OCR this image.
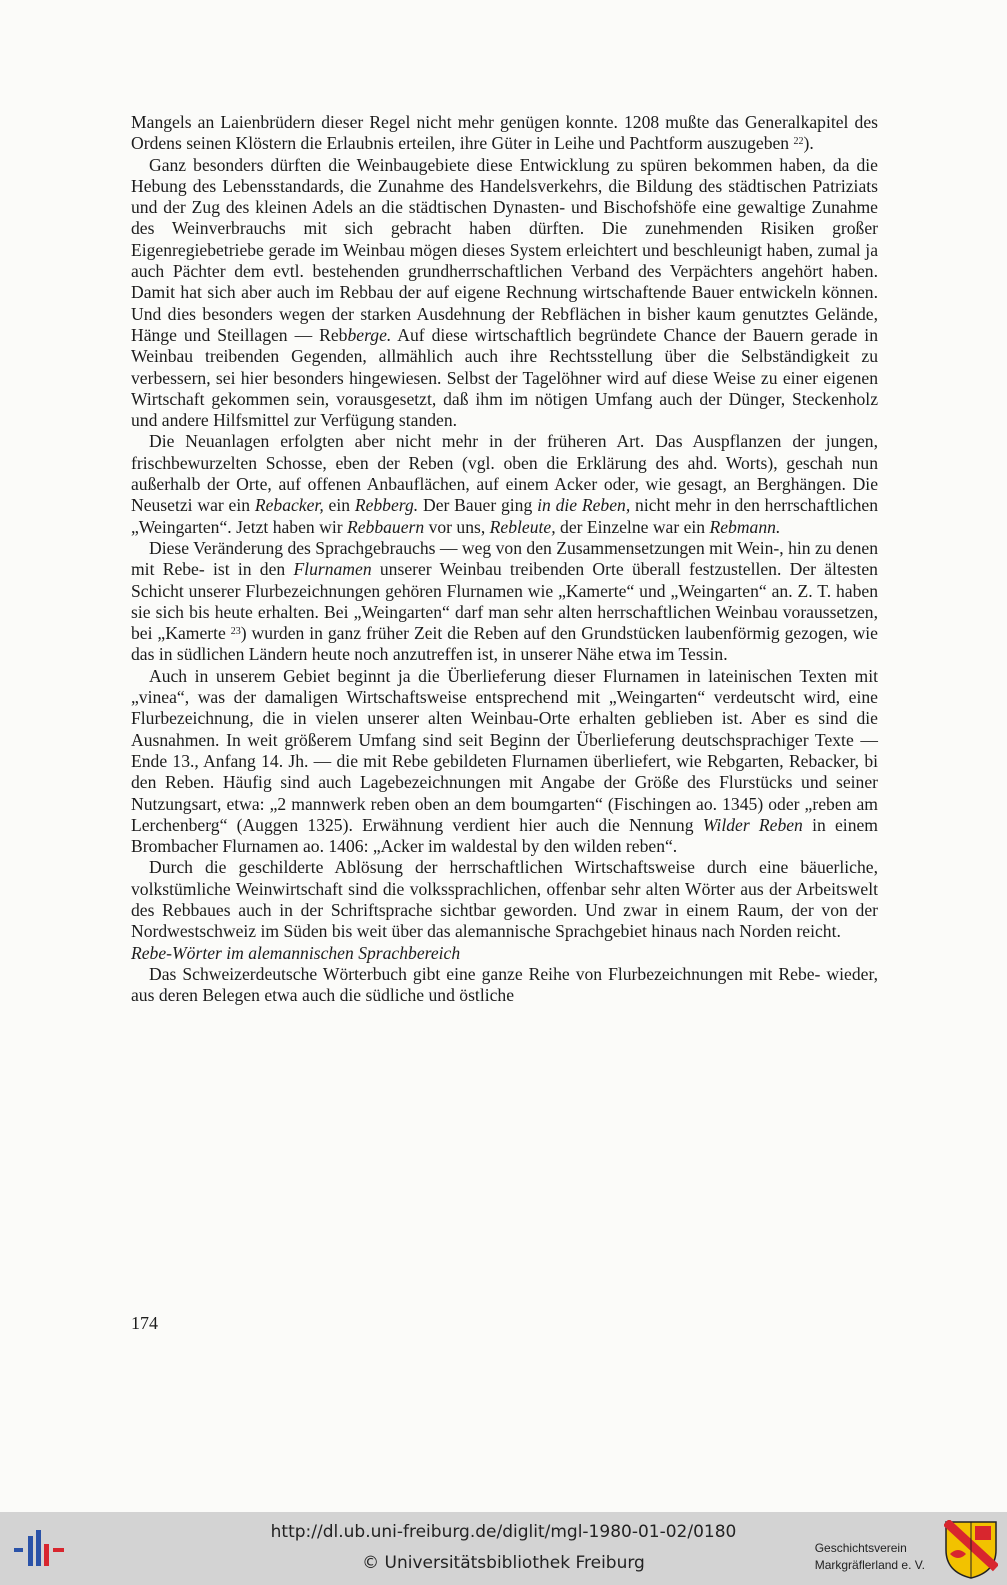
Mangels an Laienbrüdern dieser Regel nicht mehr genügen konnte. 1208 mußte das Generalkapitel des Ordens seinen Klöstern die Erlaubnis erteilen, ihre Güter in Leihe und Pachtform auszugeben $^{22}$).

Ganz besonders dürften die Weinbaugebiete diese Entwicklung zu spüren bekommen haben, da die Hebung des Lebensstandards, die Zunahme des Handelsverkehrs, die Bildung des städtischen Patriziats und der Zug des kleinen Adels an die städtischen Dynasten- und Bischofshöfe eine gewaltige Zunahme des Weinverbrauchs mit sich gebracht haben dürften. Die zunehmenden Risiken großer Eigenregiebetriebe gerade im Weinbau mögen dieses System erleichtert und beschleunigt haben, zumal ja auch Pächter dem evtl. bestehenden grundherrschaftlichen Verband des Verpächters angehört haben. Damit hat sich aber auch im Rebbau der auf eigene Rechnung wirtschaftende Bauer entwickeln können. Und dies besonders wegen der starken Ausdehnung der Rebflächen in bisher kaum genutztes Gelände, Hänge und Steillagen — Rebberge. Auf diese wirtschaftlich begründete Chance der Bauern gerade in Weinbau treibenden Gegenden, allmählich auch ihre Rechtsstellung über die Selbständigkeit zu verbessern, sei hier besonders hingewiesen. Selbst der Tagelöhner wird auf diese Weise zu einer eigenen Wirtschaft gekommen sein, vorausgesetzt, daß ihm im nötigen Umfang auch der Dünger, Steckenholz und andere Hilfsmittel zur Verfügung standen.

Die Neuanlagen erfolgten aber nicht mehr in der früheren Art. Das Auspflanzen der jungen, frischbewurzelten Schosse, eben der Reben (vgl. oben die Erklärung des ahd. Worts), geschah nun außerhalb der Orte, auf offenen Anbauflächen, auf einem Acker oder, wie gesagt, an Berghängen. Die Neusetzi war ein Rebacker, ein Rebberg. Der Bauer ging in die Reben, nicht mehr in den herrschaftlichen „Weingarten“. Jetzt haben wir Rebbauern vor uns, Rebleute, der Einzelne war ein Rebmann.

Diese Veränderung des Sprachgebrauchs — weg von den Zusammensetzungen mit Wein-, hin zu denen mit Rebe- ist in den Flurnamen unserer Weinbau treibenden Orte überall festzustellen. Der ältesten Schicht unserer Flurbezeichnungen gehören Flurnamen wie „Kamerte“ und „Weingarten“ an. Z. T. haben sie sich bis heute erhalten. Bei „Weingarten“ darf man sehr alten herrschaftlichen Weinbau voraussetzen, bei „Kamerte $^{23}$) wurden in ganz früher Zeit die Reben auf den Grundstücken laubenförmig gezogen, wie das in südlichen Ländern heute noch anzutreffen ist, in unserer Nähe etwa im Tessin.

Auch in unserem Gebiet beginnt ja die Überlieferung dieser Flurnamen in lateinischen Texten mit „vinea“, was der damaligen Wirtschaftsweise entsprechend mit „Weingarten“ verdeutscht wird, eine Flurbezeichnung, die in vielen unserer alten Weinbau-Orte erhalten geblieben ist. Aber es sind die Ausnahmen. In weit größerem Umfang sind seit Beginn der Überlieferung deutschsprachiger Texte — Ende 13., Anfang 14. Jh. — die mit Rebe gebildeten Flurnamen überliefert, wie Rebgarten, Rebacker, bi den Reben. Häufig sind auch Lagebezeichnungen mit Angabe der Größe des Flurstücks und seiner Nutzungsart, etwa: „2 mannwerk reben oben an dem boumgarten“ (Fischingen ao. 1345) oder „reben am Lerchenberg“ (Auggen 1325). Erwähnung verdient hier auch die Nennung Wilder Reben in einem Brombacher Flurnamen ao. 1406: „Acker im waldestal by den wilden reben“.

Durch die geschilderte Ablösung der herrschaftlichen Wirtschaftsweise durch eine bäuerliche, volkstümliche Weinwirtschaft sind die volkssprachlichen, offenbar sehr alten Wörter aus der Arbeitswelt des Rebbaues auch in der Schriftsprache sichtbar geworden. Und zwar in einem Raum, der von der Nordwestschweiz im Süden bis weit über das alemannische Sprachgebiet hinaus nach Norden reicht.

Rebe-Wörter im alemannischen Sprachbereich

Das Schweizerdeutsche Wörterbuch gibt eine ganze Reihe von Flurbezeichnungen mit Rebe- wieder, aus deren Belegen etwa auch die südliche und östliche

174
http://dl.ub.uni-freiburg.de/diglit/mgl-1980-01-02/0180
© Universitätsbibliothek Freiburg
Geschichtsverein
Markgräflerland e. V.
